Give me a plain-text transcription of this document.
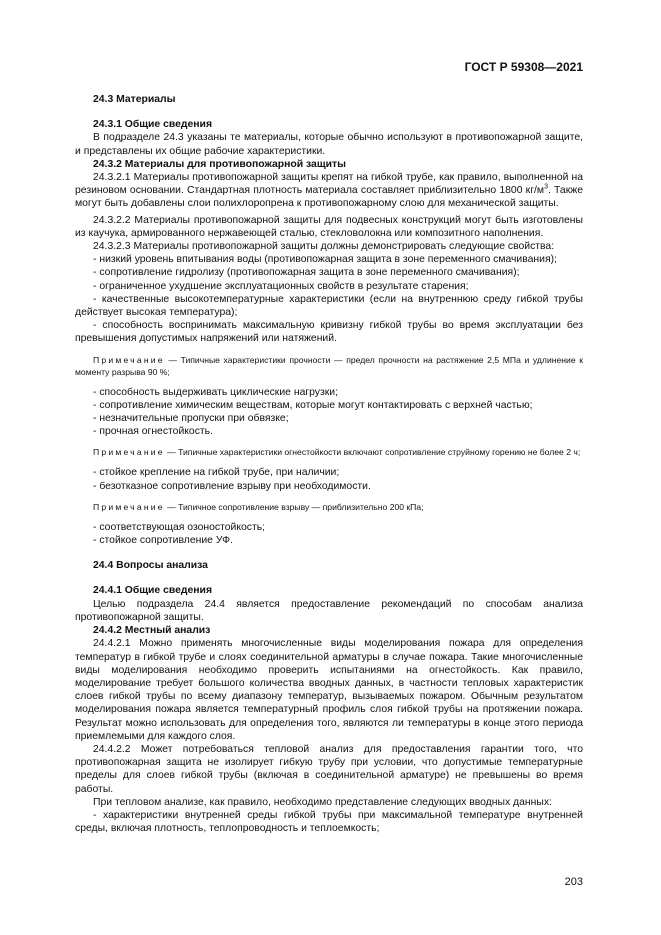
ГОСТ Р 59308—2021

24.3 Материалы

24.3.1 Общие сведения

В подразделе 24.3 указаны те материалы, которые обычно используют в противопожарной защите, и представлены их общие рабочие характеристики.

24.3.2 Материалы для противопожарной защиты

24.3.2.1 Материалы противопожарной защиты крепят на гибкой трубе, как правило, выполненной на резиновом основании. Стандартная плотность материала составляет приблизительно 1800 $кг/м^3$. Также могут быть добавлены слои полихлоропрена к противопожарному слою для механической защиты.

24.3.2.2 Материалы противопожарной защиты для подвесных конструкций могут быть изготовлены из каучука, армированного нержавеющей сталью, стекловолокна или композитного наполнения.

24.3.2.3 Материалы противопожарной защиты должны демонстрировать следующие свойства:

- низкий уровень впитывания воды (противопожарная защита в зоне переменного смачивания);

- сопротивление гидролизу (противопожарная защита в зоне переменного смачивания);

- ограниченное ухудшение эксплуатационных свойств в результате старения;

- качественные высокотемпературные характеристики (если на внутреннюю среду гибкой трубы действует высокая температура);

- способность воспринимать максимальную кривизну гибкой трубы во время эксплуатации без превышения допустимых напряжений или натяжений.

Примечание — Типичные характеристики прочности — предел прочности на растяжение 2,5 МПа и удлинение к моменту разрыва 90 %;

- способность выдерживать циклические нагрузки;

- сопротивление химическим веществам, которые могут контактировать с верхней частью;

- незначительные пропуски при обвязке;

- прочная огнестойкость.

Примечание — Типичные характеристики огнестойкости включают сопротивление струйному горению не более 2 ч;

- стойкое крепление на гибкой трубе, при наличии;

- безотказное сопротивление взрыву при необходимости.

Примечание — Типичное сопротивление взрыву — приблизительно 200 кПа;

- соответствующая озоностойкость;

- стойкое сопротивление УФ.

24.4 Вопросы анализа

24.4.1 Общие сведения

Целью подраздела 24.4 является предоставление рекомендаций по способам анализа противопожарной защиты.

24.4.2 Местный анализ

24.4.2.1 Можно применять многочисленные виды моделирования пожара для определения температур в гибкой трубе и слоях соединительной арматуры в случае пожара. Такие многочисленные виды моделирования необходимо проверить испытаниями на огнестойкость. Как правило, моделирование требует большого количества вводных данных, в частности тепловых характеристик слоев гибкой трубы по всему диапазону температур, вызываемых пожаром. Обычным результатом моделирования пожара является температурный профиль слоя гибкой трубы на протяжении пожара. Результат можно использовать для определения того, являются ли температуры в конце этого периода приемлемыми для каждого слоя.

24.4.2.2 Может потребоваться тепловой анализ для предоставления гарантии того, что противопожарная защита не изолирует гибкую трубу при условии, что допустимые температурные пределы для слоев гибкой трубы (включая в соединительной арматуре) не превышены во время работы.

При тепловом анализе, как правило, необходимо представление следующих вводных данных:

- характеристики внутренней среды гибкой трубы при максимальной температуре внутренней среды, включая плотность, теплопроводность и теплоемкость;

203
